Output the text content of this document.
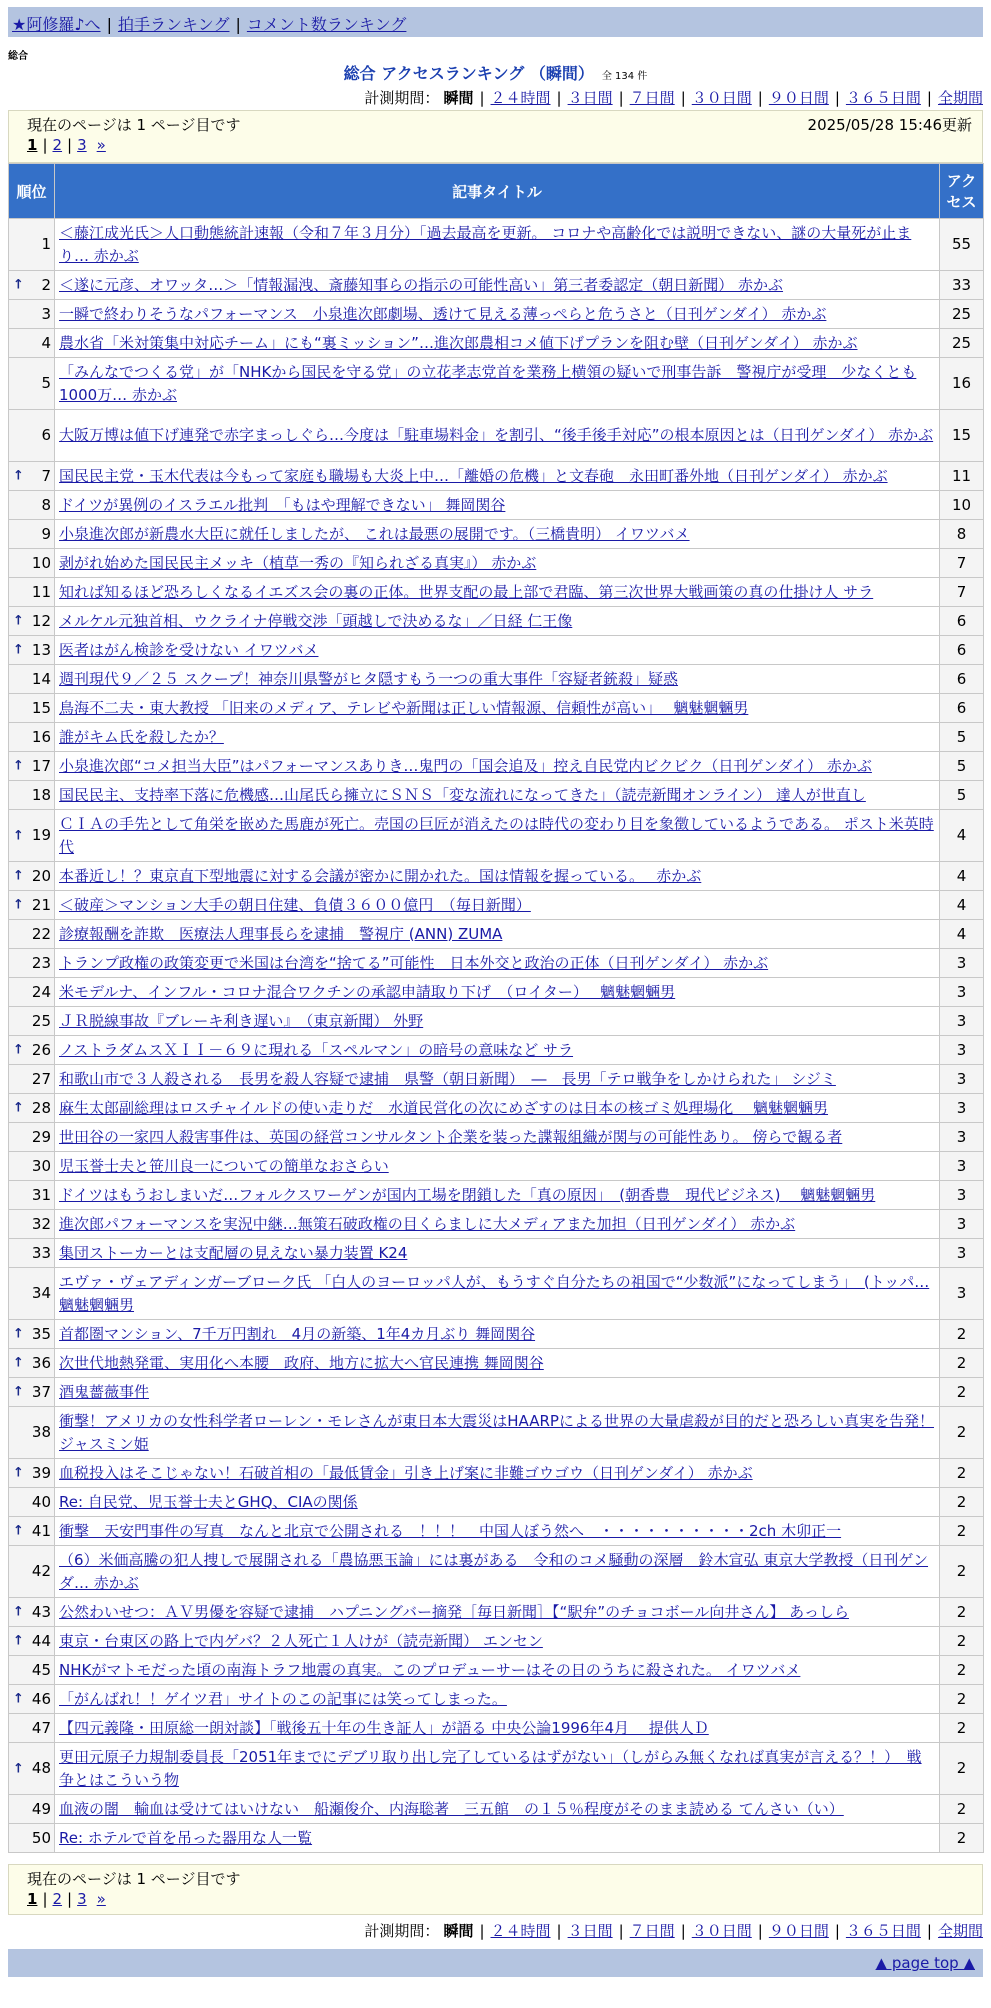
★阿修羅♪へ | 拍手ランキング | コメント数ランキング
総合
総合 アクセスランキング （瞬間） 全 134 件
計測期間： 瞬間 | ２４時間 | ３日間 | ７日間 | ３０日間 | ９０日間 | ３６５日間 | 全期間
現在のページは 1 ページ目です	2025/05/28 15:46更新
1 | 2 | 3 »
順位	記事タイトル	アクセス
1	＜藤江成光氏＞人口動態統計速報（令和７年３月分）「過去最高を更新。 コロナや高齢化では説明できない、謎の大量死が止まり… 赤かぶ	55

↑ 2	＜遂に元彦、オワッタ…＞「情報漏洩、斎藤知事らの指示の可能性高い」第三者委認定（朝日新聞） 赤かぶ	33
3	一瞬で終わりそうなパフォーマンス　小泉進次郎劇場、透けて見える薄っぺらと危うさと（日刊ゲンダイ） 赤かぶ	25
4	農水省「米対策集中対応チーム」にも“裏ミッション”…進次郎農相コメ値下げプランを阻む壁（日刊ゲンダイ） 赤かぶ	25
5	「みんなでつくる党」が「NHKから国民を守る党」の立花孝志党首を業務上横領の疑いで刑事告訴　警視庁が受理　少なくとも1000万… 赤かぶ	16
6	大阪万博は値下げ連発で赤字まっしぐら…今度は「駐車場料金」を割引、“後手後手対応”の根本原因とは（日刊ゲンダイ） 赤かぶ	15

↑ 7	国民民主党・玉木代表は今もって家庭も職場も大炎上中…「離婚の危機」と文春砲　永田町番外地（日刊ゲンダイ） 赤かぶ	11
8	ドイツが異例のイスラエル批判　「もはや理解できない」 舞岡関谷	10
9	小泉進次郎が新農水大臣に就任しましたが、 これは最悪の展開です。（三橋貴明） イワツバメ	8
10	剥がれ始めた国民民主メッキ（植草一秀の『知られざる真実』） 赤かぶ	7
11	知れば知るほど恐ろしくなるイエズス会の裏の正体。世界支配の最上部で君臨、第三次世界大戦画策の真の仕掛け人 サラ	7

↑ 12	メルケル元独首相、ウクライナ停戦交渉「頭越しで決めるな」／日経 仁王像	6

↑ 13	医者はがん検診を受けない イワツバメ	6
14	週刊現代９／２５ スクープ！神奈川県警がヒタ隠すもう一つの重大事件「容疑者銃殺」疑惑	6
15	鳥海不二夫・東大教授 「旧来のメディア、テレビや新聞は正しい情報源、信頼性が高い」　 魑魅魍魎男	6
16	誰がキム氏を殺したか？	5

↑ 17	小泉進次郎“コメ担当大臣”はパフォーマンスありき…鬼門の「国会追及」控え自民党内ビクビク（日刊ゲンダイ） 赤かぶ	5
18	国民民主、支持率下落に危機感…山尾氏ら擁立にＳＮＳ「変な流れになってきた」（読売新聞オンライン） 達人が世直し	5

↑ 19	ＣＩＡの手先として角栄を嵌めた馬鹿が死亡。売国の巨匠が消えたのは時代の変わり目を象徴しているようである。 ポスト米英時代	4

↑ 20	本番近し！？東京直下型地震に対する会議が密かに開かれた。国は情報を握っている。　 赤かぶ	4

↑ 21	＜破産＞マンション大手の朝日住建、負債３６００億円　（毎日新聞）	4
22	診療報酬を詐欺　医療法人理事長らを逮捕　警視庁 (ANN) ZUMA	4
23	トランプ政権の政策変更で米国は台湾を“捨てる”可能性　日本外交と政治の正体（日刊ゲンダイ） 赤かぶ	3
24	米モデルナ、インフル・コロナ混合ワクチンの承認申請取り下げ　（ロイター）　 魑魅魍魎男	3
25	ＪＲ脱線事故『ブレーキ利き遅い』　（東京新聞） 外野	3

↑ 26	ノストラダムスＸＩＩ－６９に現れる「スペルマン」の暗号の意味など サラ	3
27	和歌山市で３人殺される　長男を殺人容疑で逮捕　県警（朝日新聞）　―　長男「テロ戦争をしかけられた」 シジミ	3

↑ 28	麻生太郎副総理はロスチャイルドの使い走りだ　水道民営化の次にめざすのは日本の核ゴミ処理場化　 魑魅魍魎男	3
29	世田谷の一家四人殺害事件は、英国の経営コンサルタント企業を装った諜報組織が関与の可能性あり。 傍らで観る者	3
30	児玉誉士夫と笹川良一についての簡単なおさらい	3
31	ドイツはもうおしまいだ…フォルクスワーゲンが国内工場を閉鎖した「真の原因」　(朝香豊　現代ビジネス)　 魑魅魍魎男	3
32	進次郎パフォーマンスを実況中継…無策石破政権の目くらましに大メディアまた加担（日刊ゲンダイ） 赤かぶ	3
33	集団ストーカーとは支配層の見えない暴力装置 K24	3
34	エヴァ・ヴェアディンガーブローク氏 「白人のヨーロッパ人が、もうすぐ自分たちの祖国で“少数派”になってしまう」　(トッパ… 魑魅魍魎男	3

↑ 35	首都圏マンション、7千万円割れ　4月の新築、1年4カ月ぶり 舞岡関谷	2

↑ 36	次世代地熱発電、実用化へ本腰　政府、地方に拡大へ官民連携 舞岡関谷	2

↑ 37	酒鬼薔薇事件	2
38	衝撃！アメリカの女性科学者ローレン・モレさんが東日本大震災はHAARPによる世界の大量虐殺が目的だと恐ろしい真実を告発！ ジャスミン姫	2

↑ 39	血税投入はそこじゃない！石破首相の「最低賃金」引き上げ案に非難ゴウゴウ（日刊ゲンダイ） 赤かぶ	2
40	Re: 自民党、児玉誉士夫とGHQ、CIAの関係	2

↑ 41	衝撃　天安門事件の写真　なんと北京で公開される　！！！　中国人ぼう然へ　・・・・・・・・・・2ch 木卯正一	2
42	（6）米価高騰の犯人捜しで展開される「農協悪玉論」には裏がある　令和のコメ騒動の深層　鈴木宣弘 東京大学教授（日刊ゲンダ… 赤かぶ	2

↑ 43	公然わいせつ：ＡＶ男優を容疑で逮捕　ハプニングバー摘発［毎日新聞］【“駅弁”のチョコボール向井さん】 あっしら	2

↑ 44	東京・台東区の路上で内ゲバ？２人死亡１人けが（読売新聞） エンセン	2
45	NHKがマトモだった頃の南海トラフ地震の真実。このプロデューサーはその日のうちに殺された。 イワツバメ	2

↑ 46	「がんばれ！！ゲイツ君」サイトのこの記事には笑ってしまった。	2
47	【四元義隆・田原総一朗対談】「戦後五十年の生き証人」が語る 中央公論1996年4月　 提供人Ｄ	2

↑ 48	更田元原子力規制委員長「2051年までにデブリ取り出し完了しているはずがない」（しがらみ無くなれば真実が言える？！）　戦争とはこういう物	2
49	血液の闇　輸血は受けてはいけない　船瀬俊介、内海聡著　三五館　の１５％程度がそのまま読める てんさい（い）	2
50	Re: ホテルで首を吊った器用な人一覧	2
現在のページは 1 ページ目です
1 | 2 | 3 »
計測期間： 瞬間 | ２４時間 | ３日間 | ７日間 | ３０日間 | ９０日間 | ３６５日間 | 全期間
▲ page top ▲
